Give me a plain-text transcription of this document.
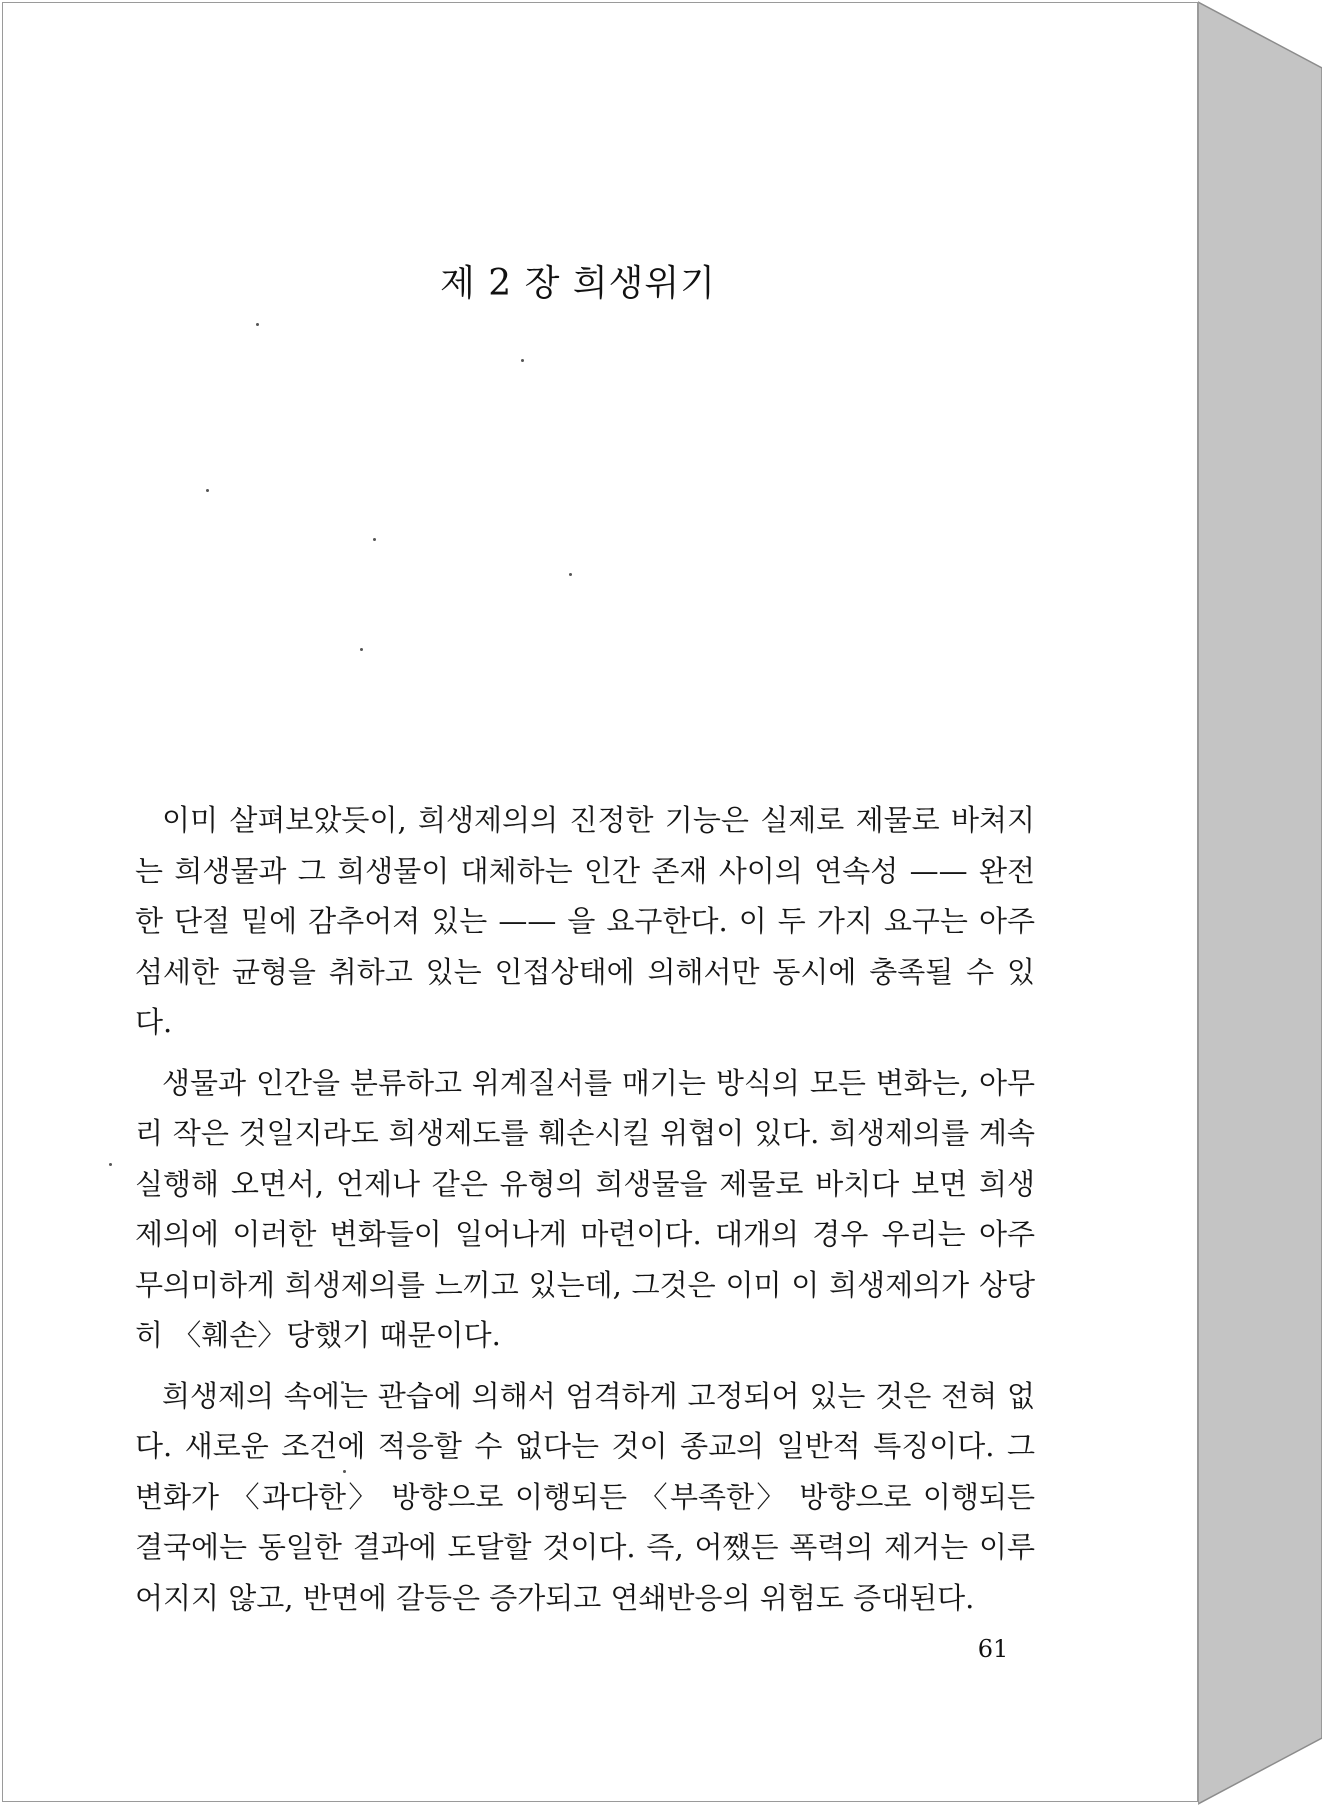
제 2 장 희생위기

이미 살펴보았듯이, 희생제의의 진정한 기능은 실제로 제물로 바쳐지는 희생물과 그 희생물이 대체하는 인간 존재 사이의 연속성 —— 완전한 단절 밑에 감추어져 있는 —— 을 요구한다. 이 두 가지 요구는 아주 섬세한 균형을 취하고 있는 인접상태에 의해서만 동시에 충족될 수 있다.

생물과 인간을 분류하고 위계질서를 매기는 방식의 모든 변화는, 아무리 작은 것일지라도 희생제도를 훼손시킬 위협이 있다. 희생제의를 계속 실행해 오면서, 언제나 같은 유형의 희생물을 제물로 바치다 보면 희생제의에 이러한 변화들이 일어나게 마련이다. 대개의 경우 우리는 아주 무의미하게 희생제의를 느끼고 있는데, 그것은 이미 이 희생제의가 상당히 〈훼손〉당했기 때문이다.

희생제의 속에는 관습에 의해서 엄격하게 고정되어 있는 것은 전혀 없다. 새로운 조건에 적응할 수 없다는 것이 종교의 일반적 특징이다. 그 변화가 〈과다한〉 방향으로 이행되든 〈부족한〉 방향으로 이행되든 결국에는 동일한 결과에 도달할 것이다. 즉, 어쨌든 폭력의 제거는 이루어지지 않고, 반면에 갈등은 증가되고 연쇄반응의 위험도 증대된다.

61
